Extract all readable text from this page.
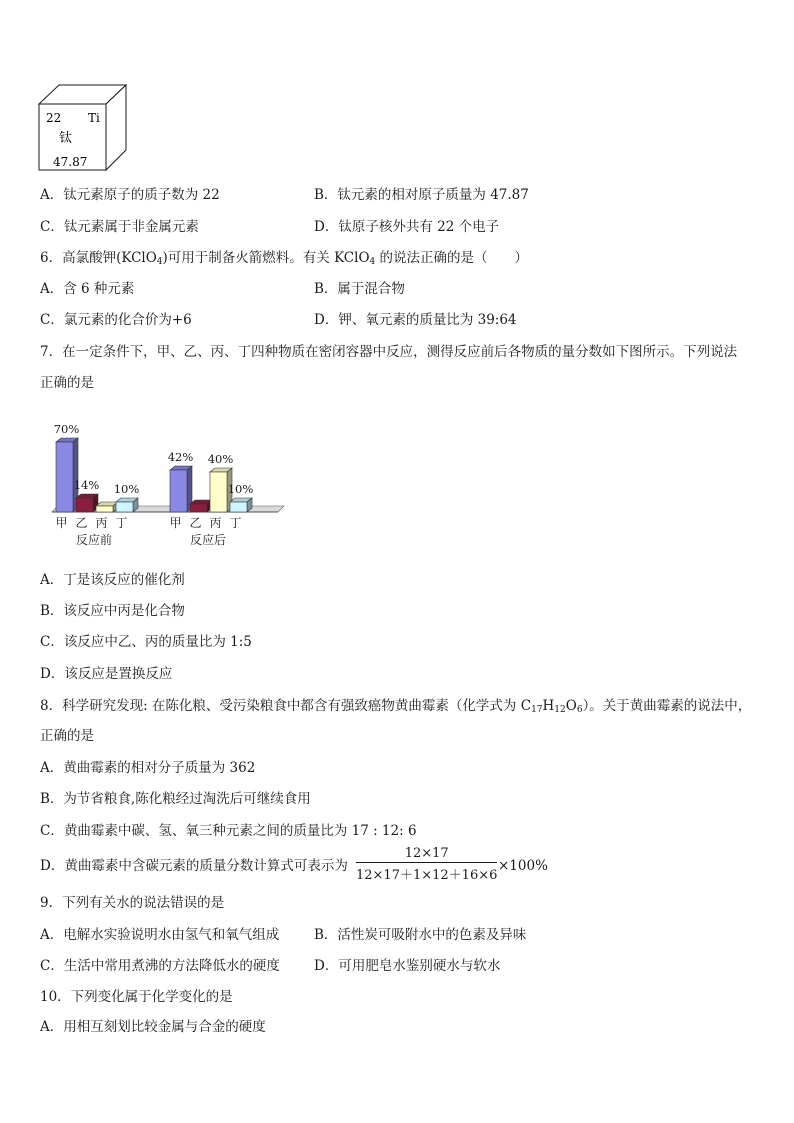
22 Ti
钛
47.87
A．钛元素原子的质子数为 22	B．钛元素的相对原子质量为 47.87
C．钛元素属于非金属元素	D．钛原子核外共有 22 个电子
6．高氯酸钾(KClO$_4$)可用于制备火箭燃料。有关 KClO$_4$ 的说法正确的是（　　）
A．含 6 种元素	B．属于混合物
C．氯元素的化合价为+6	D．钾、氧元素的质量比为 39:64
7．在一定条件下，甲、乙、丙、丁四种物质在密闭容器中反应，测得反应前后各物质的量分数如下图所示。下列说法
正确的是
70%
甲
14%
乙 丙
10%
丁
反应前
42%
甲 乙
40%
丙
10%
丁
反应后
A．丁是该反应的催化剂
B．该反应中丙是化合物
C．该反应中乙、丙的质量比为 1:5
D．该反应是置换反应
8．科学研究发现: 在陈化粮、受污染粮食中都含有强致癌物黄曲霉素（化学式为 $C_{17}H_{12}O_6$）。关于黄曲霉素的说法中，
正确的是
A．黄曲霉素的相对分子质量为 362
B．为节省粮食,陈化粮经过淘洗后可继续食用
C．黄曲霉素中碳、氢、氧三种元素之间的质量比为 17 : 12: 6
D．黄曲霉素中含碳元素的质量分数计算式可表示为 $\frac{12\times 17}{12\times 17+1\times 12+16\times 6} \times 100\%$
9．下列有关水的说法错误的是
A．电解水实验说明水由氢气和氧气组成	B．活性炭可吸附水中的色素及异味
C．生活中常用煮沸的方法降低水的硬度	D．可用肥皂水鉴别硬水与软水
10．下列变化属于化学变化的是
A．用相互刻划比较金属与合金的硬度
